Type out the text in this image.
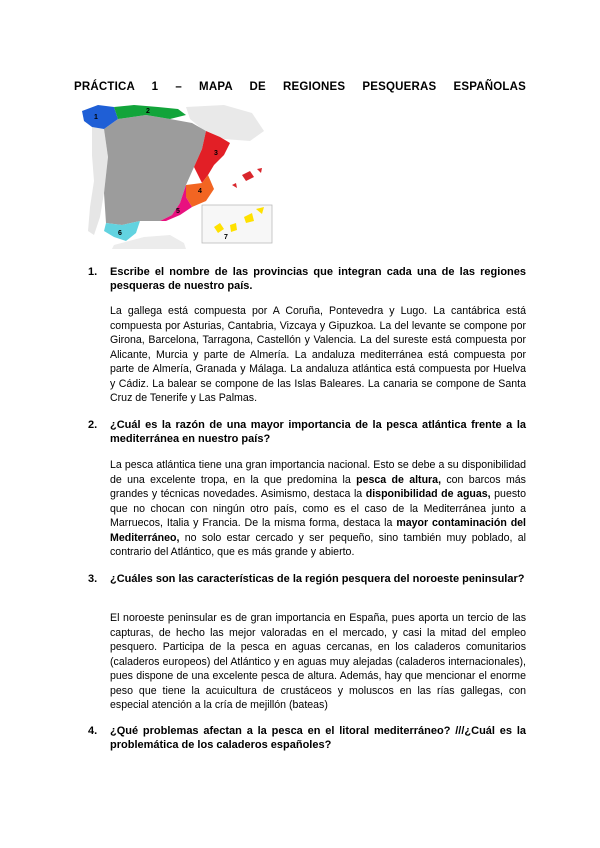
PRÁCTICA 1 – MAPA DE REGIONES PESQUERAS ESPAÑOLAS
1
2
3
4
5
6
7
1. Escribe el nombre de las provincias que integran cada una de las regiones pesqueras de nuestro país.
La gallega está compuesta por A Coruña, Pontevedra y Lugo. La cantábrica está compuesta por Asturias, Cantabria, Vizcaya y Gipuzkoa. La del levante se compone por Girona, Barcelona, Tarragona, Castellón y Valencia. La del sureste está compuesta por Alicante, Murcia y parte de Almería. La andaluza mediterránea está compuesta por parte de Almería, Granada y Málaga. La andaluza atlántica está compuesta por Huelva y Cádiz. La balear se compone de las Islas Baleares. La canaria se compone de Santa Cruz de Tenerife y Las Palmas.
2. ¿Cuál es la razón de una mayor importancia de la pesca atlántica frente a la mediterránea en nuestro país?
La pesca atlántica tiene una gran importancia nacional. Esto se debe a su disponibilidad de una excelente tropa, en la que predomina la pesca de altura, con barcos más grandes y técnicas novedades. Asimismo, destaca la disponibilidad de aguas, puesto que no chocan con ningún otro país, como es el caso de la Mediterránea junto a Marruecos, Italia y Francia. De la misma forma, destaca la mayor contaminación del Mediterráneo, no solo estar cercado y ser pequeño, sino también muy poblado, al contrario del Atlántico, que es más grande y abierto.
3. ¿Cuáles son las características de la región pesquera del noroeste peninsular?
El noroeste peninsular es de gran importancia en España, pues aporta un tercio de las capturas, de hecho las mejor valoradas en el mercado, y casi la mitad del empleo pesquero. Participa de la pesca en aguas cercanas, en los caladeros comunitarios (caladeros europeos) del Atlántico y en aguas muy alejadas (caladeros internacionales), pues dispone de una excelente pesca de altura. Además, hay que mencionar el enorme peso que tiene la acuicultura de crustáceos y moluscos en las rías gallegas, con especial atención a la cría de mejillón (bateas)
4. ¿Qué problemas afectan a la pesca en el litoral mediterráneo? ///¿Cuál es la problemática de los caladeros españoles?
